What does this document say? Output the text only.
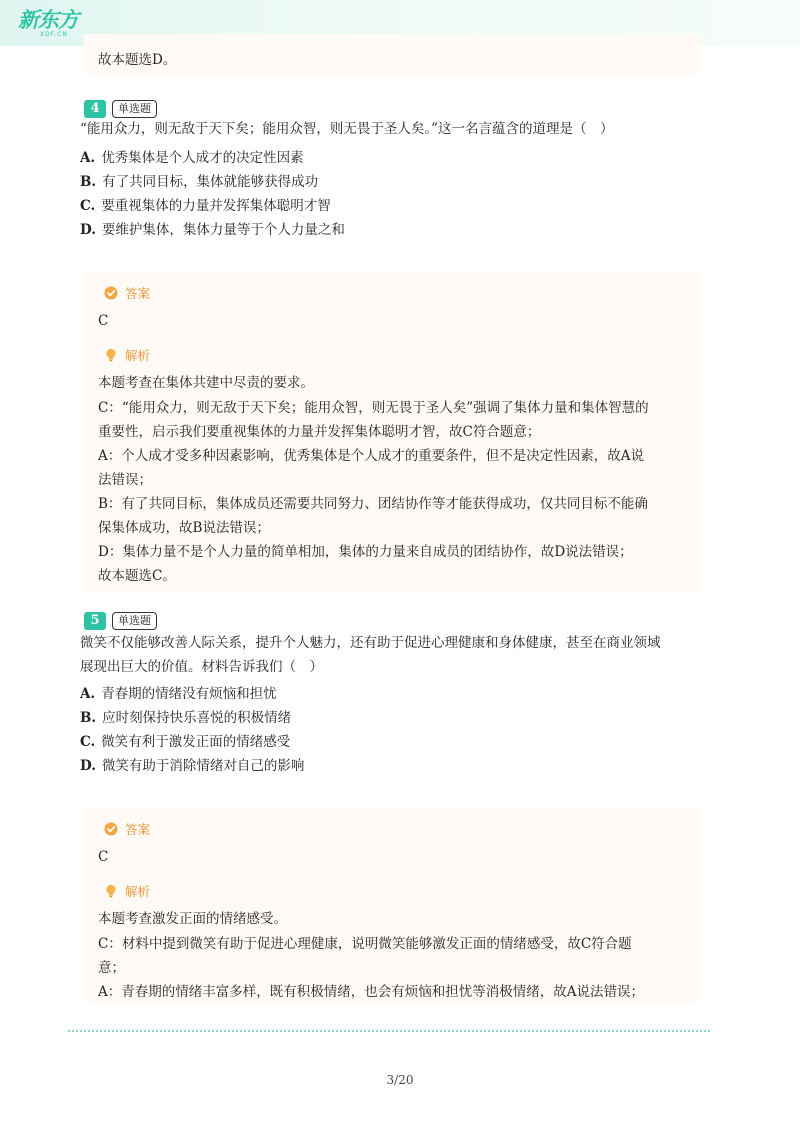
新东方
XDF.CN
故本题选D。
4	单选题
“能用众力，则无敌于天下矣；能用众智，则无畏于圣人矣。”这一名言蕴含的道理是（　）
A. 优秀集体是个人成才的决定性因素
B. 有了共同目标，集体就能够获得成功
C. 要重视集体的力量并发挥集体聪明才智
D. 要维护集体，集体力量等于个人力量之和
答案
C
解析
本题考查在集体共建中尽责的要求。
C：“能用众力，则无敌于天下矣；能用众智，则无畏于圣人矣”强调了集体力量和集体智慧的
重要性，启示我们要重视集体的力量并发挥集体聪明才智，故C符合题意；
A：个人成才受多种因素影响，优秀集体是个人成才的重要条件，但不是决定性因素，故A说
法错误；
B：有了共同目标，集体成员还需要共同努力、团结协作等才能获得成功，仅共同目标不能确
保集体成功，故B说法错误；
D：集体力量不是个人力量的简单相加，集体的力量来自成员的团结协作，故D说法错误；
故本题选C。
5	单选题
微笑不仅能够改善人际关系，提升个人魅力，还有助于促进心理健康和身体健康，甚至在商业领域
展现出巨大的价值。材料告诉我们（　）
A. 青春期的情绪没有烦恼和担忧
B. 应时刻保持快乐喜悦的积极情绪
C. 微笑有利于激发正面的情绪感受
D. 微笑有助于消除情绪对自己的影响
答案
C
解析
本题考查激发正面的情绪感受。
C：材料中提到微笑有助于促进心理健康，说明微笑能够激发正面的情绪感受，故C符合题
意；
A：青春期的情绪丰富多样，既有积极情绪，也会有烦恼和担忧等消极情绪，故A说法错误；
3/20
